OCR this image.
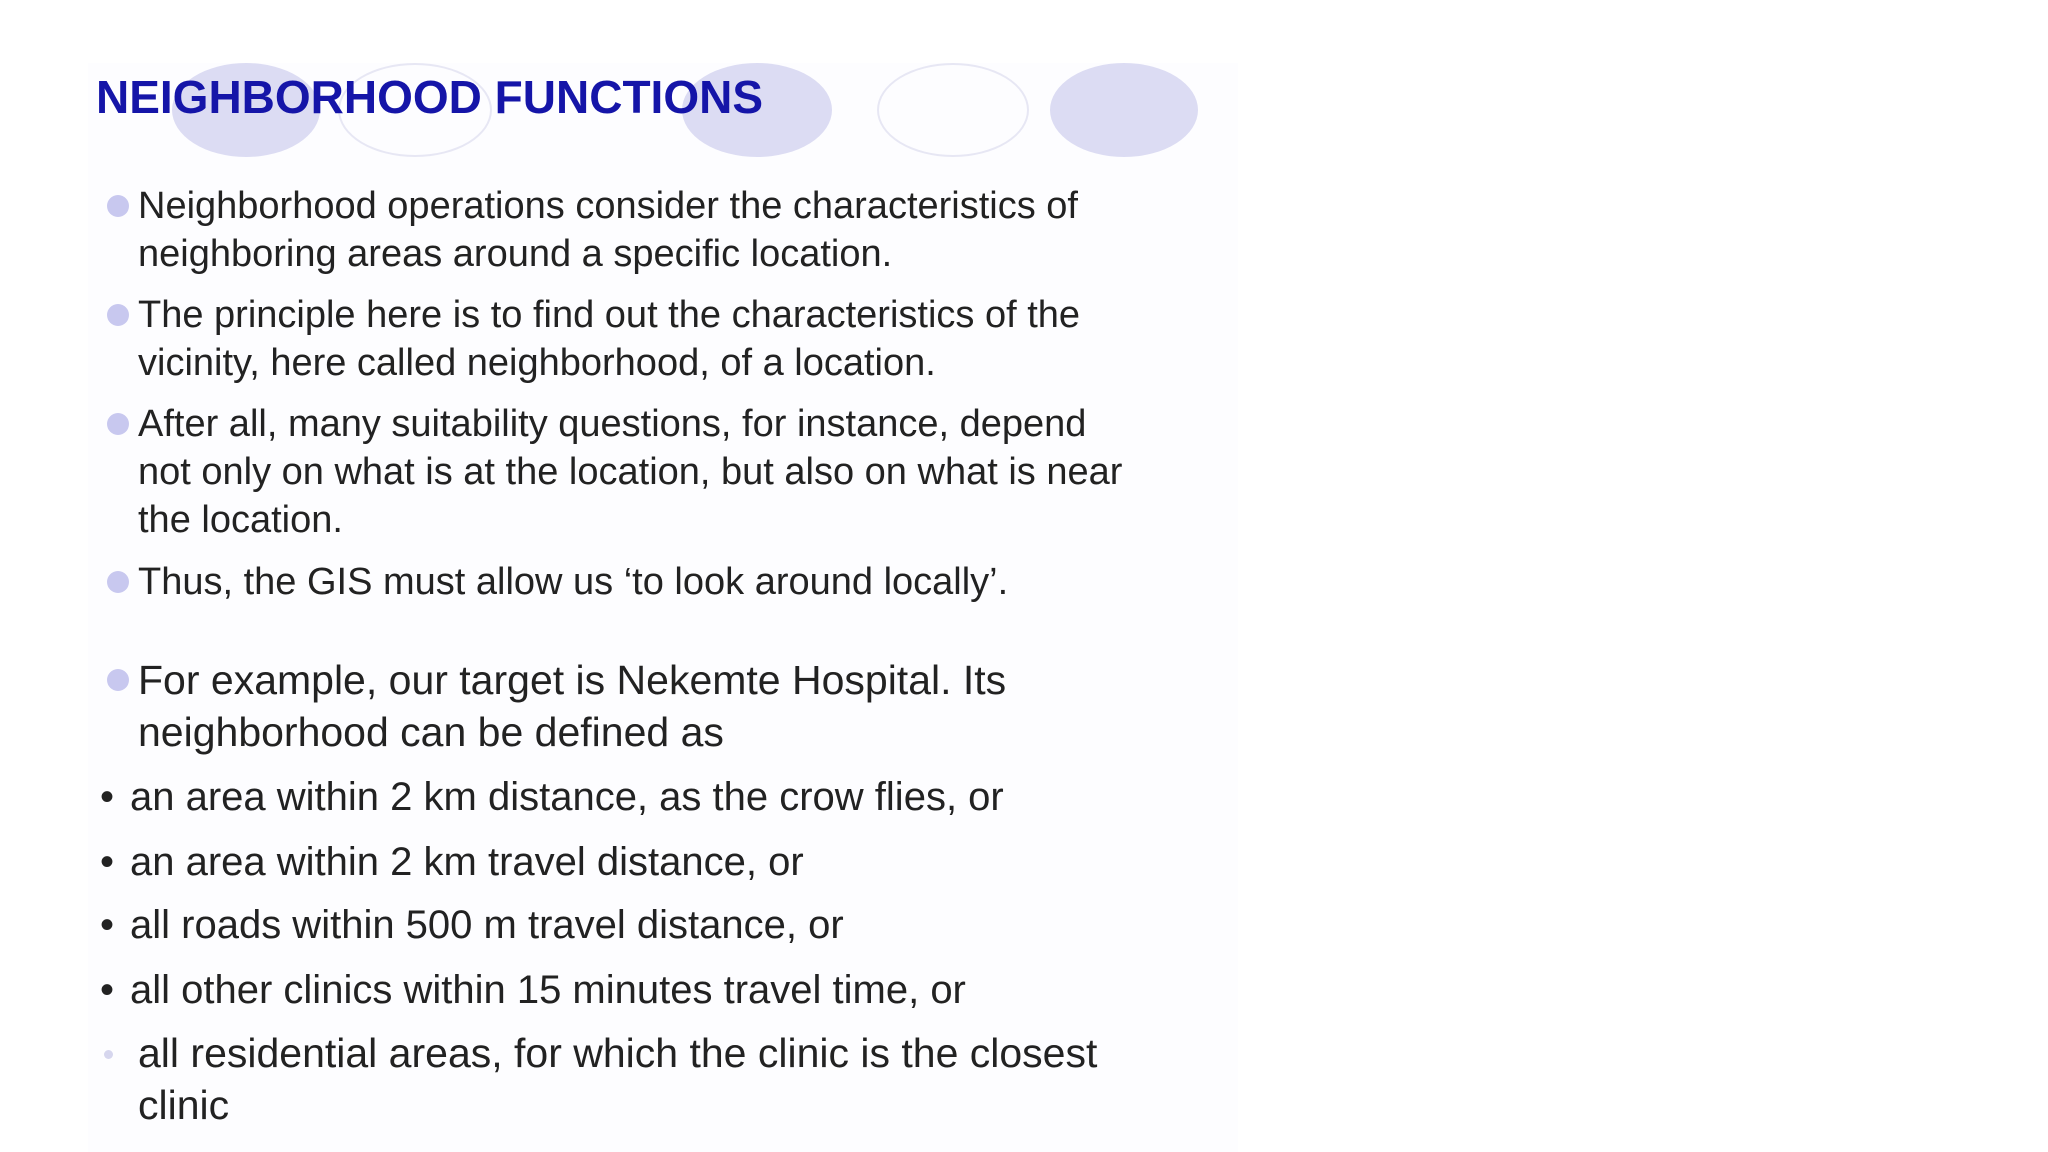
NEIGHBORHOOD FUNCTIONS

Neighborhood operations consider the characteristics of

neighboring areas around a specific location.

The principle here is to find out the characteristics of the

vicinity, here called neighborhood, of a location.

After all, many suitability questions, for instance, depend

not only on what is at the location, but also on what is near

the location.

Thus, the GIS must allow us ‘to look around locally’.

For example, our target is Nekemte Hospital. Its

neighborhood can be defined as

• an area within 2 km distance, as the crow flies, or
• an area within 2 km travel distance, or
• all roads within 500 m travel distance, or
• all other clinics within 15 minutes travel time, or

all residential areas, for which the clinic is the closest

clinic
